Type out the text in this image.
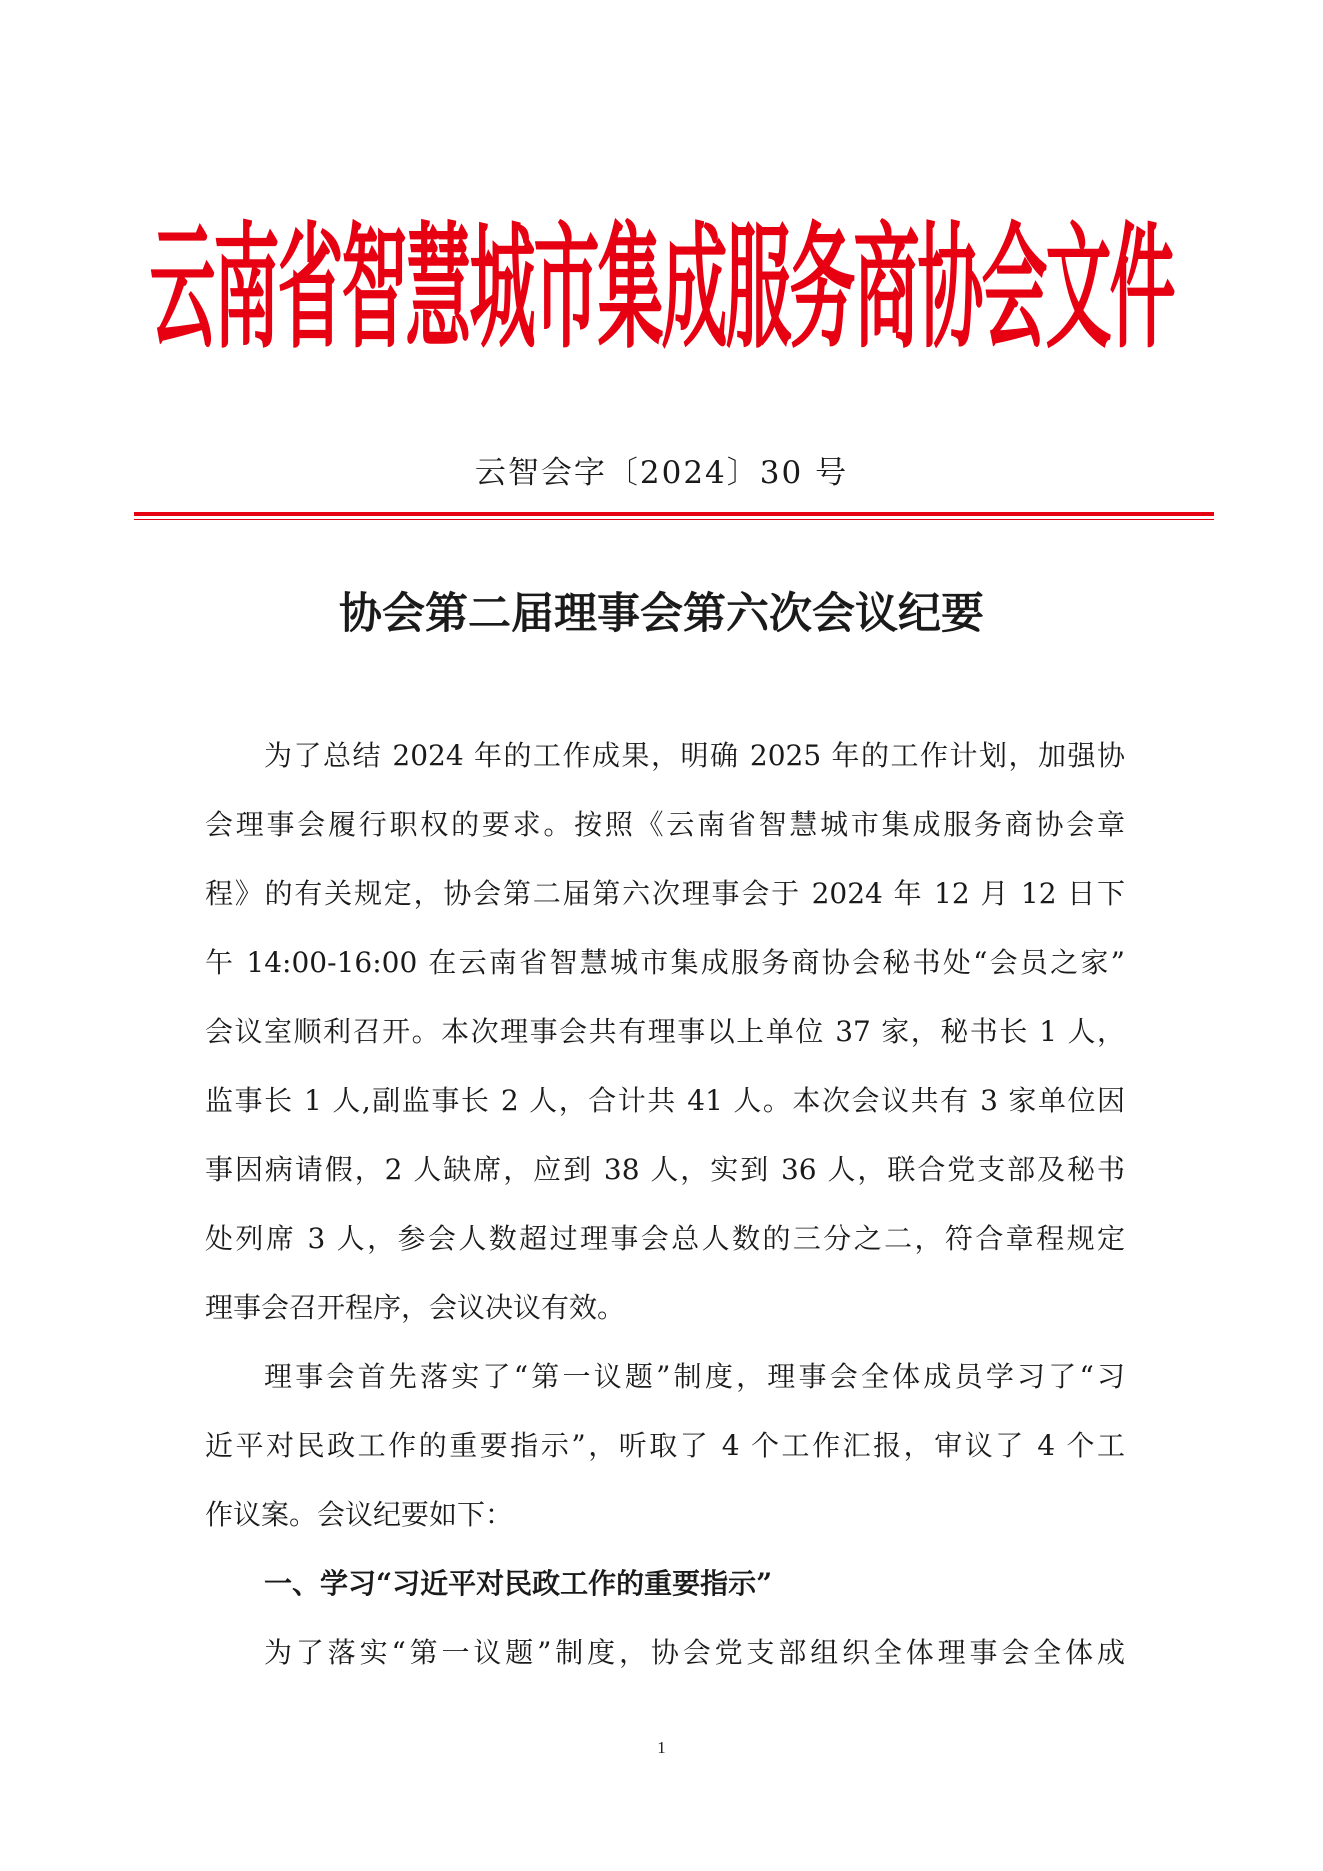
云南省智慧城市集成服务商协会文件
云智会字〔2024〕30 号
协会第二届理事会第六次会议纪要
为了总结 2024 年的工作成果，明确 2025 年的工作计划，加强协
会理事会履行职权的要求。按照《云南省智慧城市集成服务商协会章
程》的有关规定，协会第二届第六次理事会于 2024 年 12 月 12 日下
午 14:00-16:00 在云南省智慧城市集成服务商协会秘书处“会员之家”
会议室顺利召开。本次理事会共有理事以上单位 37 家，秘书长 1 人，
监事长 1 人,副监事长 2 人，合计共 41 人。本次会议共有 3 家单位因
事因病请假，2 人缺席，应到 38 人，实到 36 人，联合党支部及秘书
处列席 3 人，参会人数超过理事会总人数的三分之二，符合章程规定
理事会召开程序，会议决议有效。
理事会首先落实了“第一议题”制度，理事会全体成员学习了“习
近平对民政工作的重要指示”，听取了 4 个工作汇报，审议了 4 个工
作议案。会议纪要如下：
一、学习“习近平对民政工作的重要指示”
为了落实“第一议题”制度，协会党支部组织全体理事会全体成
1
